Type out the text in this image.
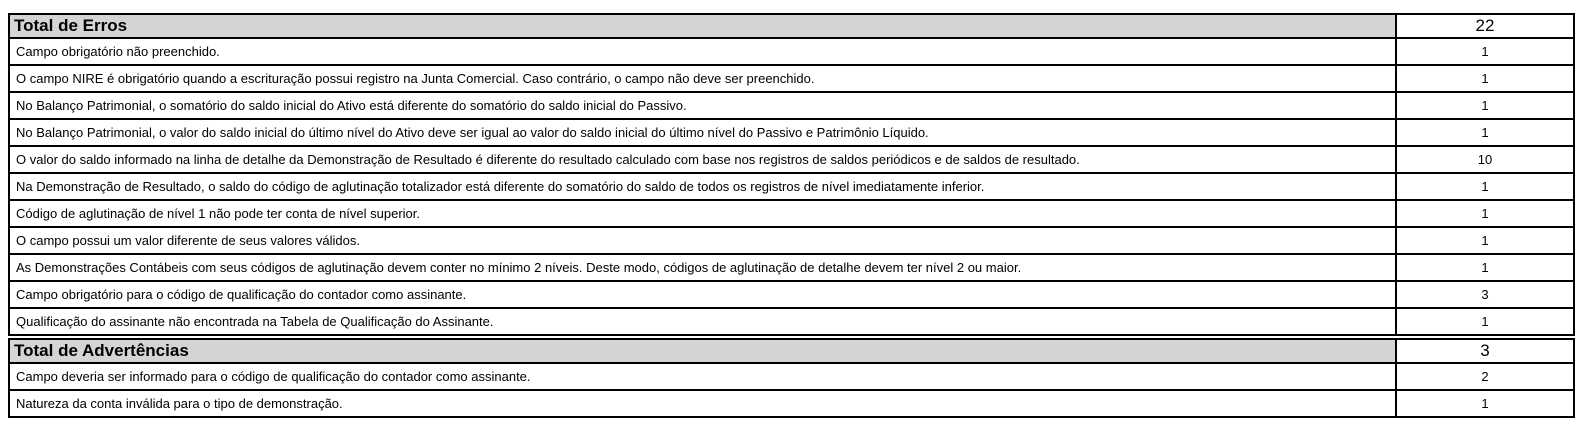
Total de Erros	22
Campo obrigatório não preenchido.	1
O campo NIRE é obrigatório quando a escrituração possui registro na Junta Comercial. Caso contrário, o campo não deve ser preenchido.	1
No Balanço Patrimonial, o somatório do saldo inicial do Ativo está diferente do somatório do saldo inicial do Passivo.	1
No Balanço Patrimonial, o valor do saldo inicial do último nível do Ativo deve ser igual ao valor do saldo inicial do último nível do Passivo e Patrimônio Líquido.	1
O valor do saldo informado na linha de detalhe da Demonstração de Resultado é diferente do resultado calculado com base nos registros de saldos periódicos e de saldos de resultado.	10
Na Demonstração de Resultado, o saldo do código de aglutinação totalizador está diferente do somatório do saldo de todos os registros de nível imediatamente inferior.	1
Código de aglutinação de nível 1 não pode ter conta de nível superior.	1
O campo possui um valor diferente de seus valores válidos.	1
As Demonstrações Contábeis com seus códigos de aglutinação devem conter no mínimo 2 níveis. Deste modo, códigos de aglutinação de detalhe devem ter nível 2 ou maior.	1
Campo obrigatório para o código de qualificação do contador como assinante.	3
Qualificação do assinante não encontrada na Tabela de Qualificação do Assinante.	1
Total de Advertências	3
Campo deveria ser informado para o código de qualificação do contador como assinante.	2
Natureza da conta inválida para o tipo de demonstração.	1
